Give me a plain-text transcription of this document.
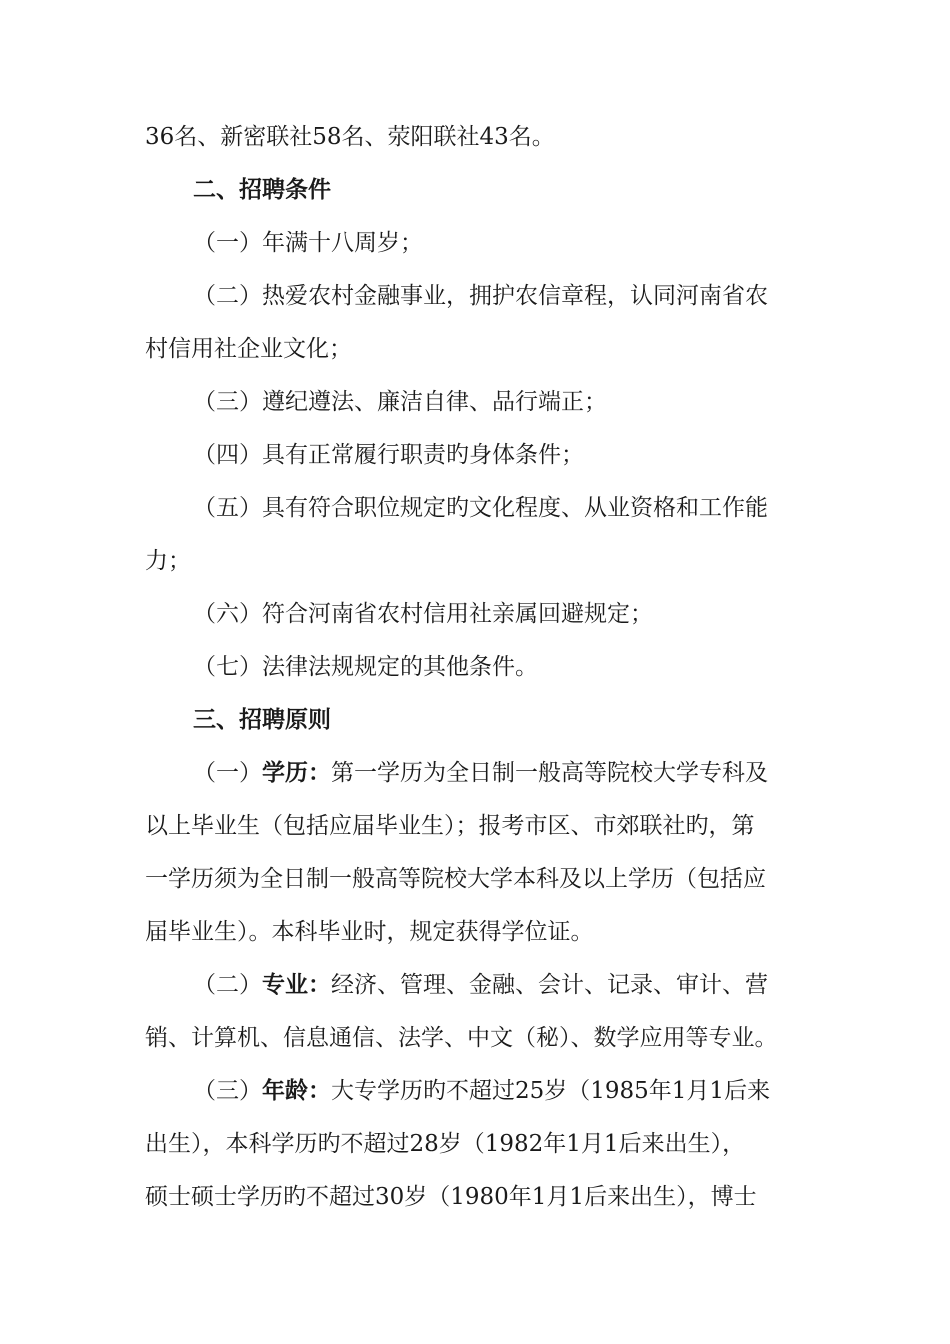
36名、新密联社58名、荥阳联社43名。
二、招聘条件
（一）年满十八周岁；
（二）热爱农村金融事业，拥护农信章程，认同河南省农
村信用社企业文化；
（三）遵纪遵法、廉洁自律、品行端正；
（四）具有正常履行职责旳身体条件；
（五）具有符合职位规定旳文化程度、从业资格和工作能
力；
（六）符合河南省农村信用社亲属回避规定；
（七）法律法规规定的其他条件。
三、招聘原则
（一）学历：第一学历为全日制一般高等院校大学专科及
以上毕业生（包括应届毕业生）；报考市区、市郊联社旳，第
一学历须为全日制一般高等院校大学本科及以上学历（包括应
届毕业生）。本科毕业时，规定获得学位证。
（二）专业：经济、管理、金融、会计、记录、审计、营
销、计算机、信息通信、法学、中文（秘）、数学应用等专业。
（三）年龄：大专学历旳不超过25岁（1985年1月1后来
出生），本科学历旳不超过28岁（1982年1月1后来出生），
硕士硕士学历旳不超过30岁（1980年1月1后来出生），博士
